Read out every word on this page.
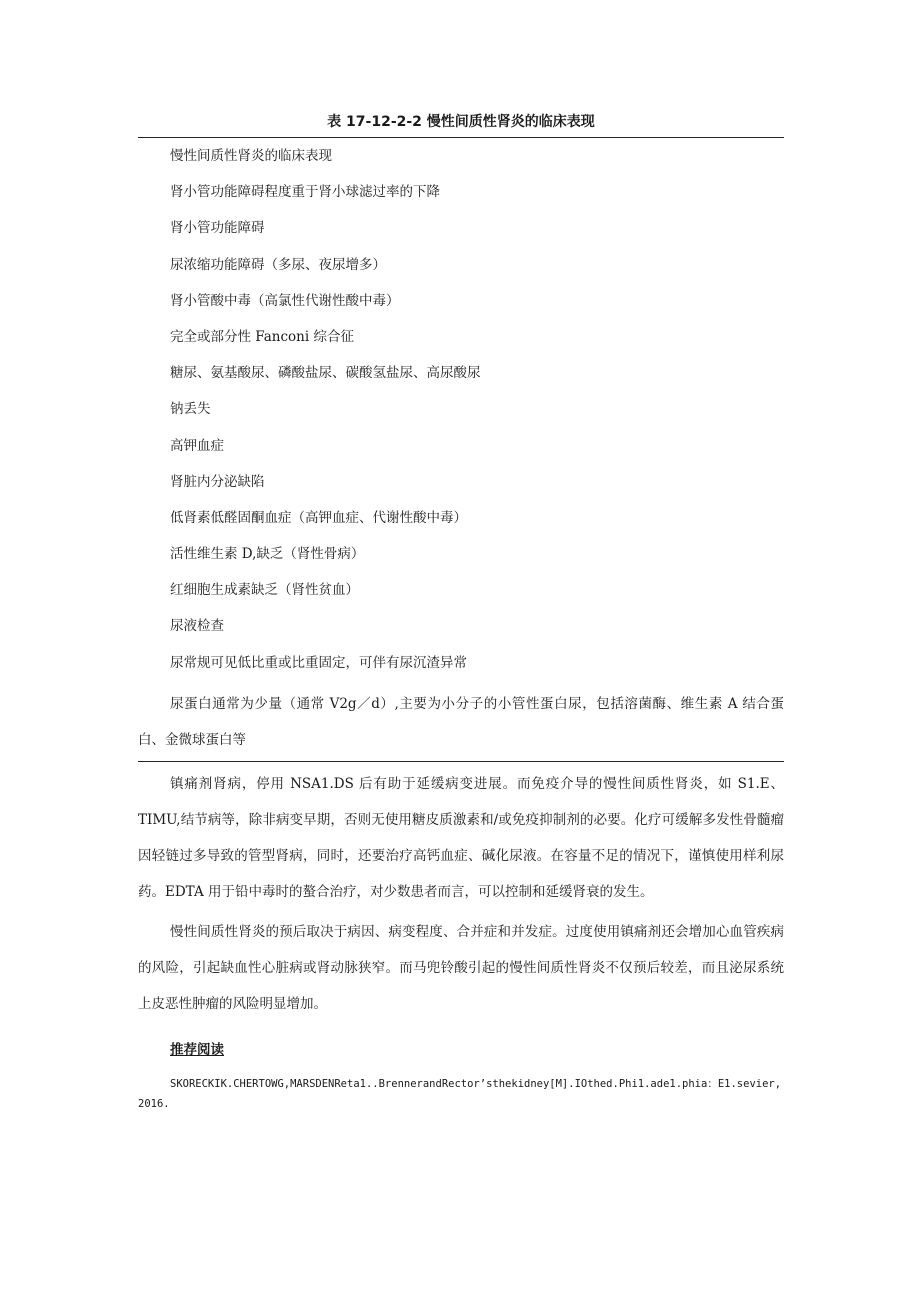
表 17-12-2-2 慢性间质性肾炎的临床表现
慢性间质性肾炎的临床表现
肾小管功能障碍程度重于肾小球滤过率的下降
肾小管功能障碍
尿浓缩功能障碍（多尿、夜尿增多）
肾小管酸中毒（高氯性代谢性酸中毒）
完全或部分性 Fanconi 综合征
糖尿、氨基酸尿、磷酸盐尿、碳酸氢盐尿、高尿酸尿
钠丢失
高钾血症
肾脏内分泌缺陷
低肾素低醛固酮血症（高钾血症、代谢性酸中毒）
活性维生素 D,缺乏（肾性骨病）
红细胞生成素缺乏（肾性贫血）
尿液检查
尿常规可见低比重或比重固定，可伴有尿沉渣异常
尿蛋白通常为少量（通常 V2g／d）,主要为小分子的小管性蛋白尿，包括溶菌酶、维生素 A 结合蛋白、金微球蛋白等

镇痛剂肾病，停用 NSA1.DS 后有助于延缓病变进展。而免疫介导的慢性间质性肾炎，如 S1.E、TIMU,结节病等，除非病变早期，否则无使用糖皮质激素和/或免疫抑制剂的必要。化疗可缓解多发性骨髓瘤因轻链过多导致的管型肾病，同时，还要治疗高钙血症、碱化尿液。在容量不足的情况下，谨慎使用样利尿药。EDTA 用于铅中毒时的螯合治疗，对少数患者而言，可以控制和延缓肾衰的发生。

慢性间质性肾炎的预后取决于病因、病变程度、合并症和并发症。过度使用镇痛剂还会增加心血管疾病的风险，引起缺血性心脏病或肾动脉狭窄。而马兜铃酸引起的慢性间质性肾炎不仅预后较差，而且泌尿系统上皮恶性肿瘤的风险明显增加。

推荐阅读
SKORECKIK.CHERTOWG,MARSDENReta1..BrennerandRector’sthekidney[M].IOthed.Phi1.ade1.phia：E1.sevier,2016.
